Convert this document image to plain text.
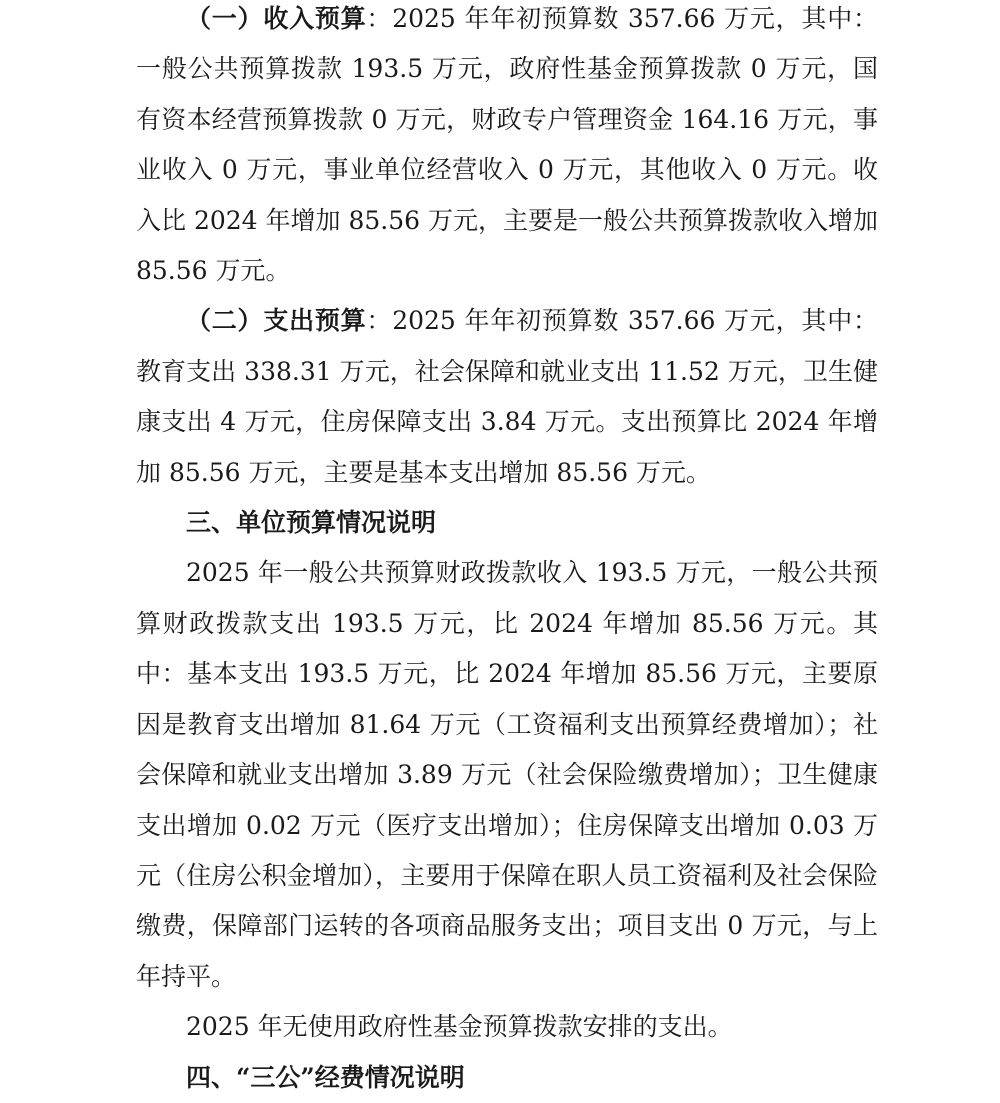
（一）收入预算：2025 年年初预算数 357.66 万元，其中：一般公共预算拨款 193.5 万元，政府性基金预算拨款 0 万元，国有资本经营预算拨款 0 万元，财政专户管理资金 164.16 万元，事业收入 0 万元，事业单位经营收入 0 万元，其他收入 0 万元。收入比 2024 年增加 85.56 万元，主要是一般公共预算拨款收入增加 85.56 万元。

（二）支出预算：2025 年年初预算数 357.66 万元，其中：教育支出 338.31 万元，社会保障和就业支出 11.52 万元，卫生健康支出 4 万元，住房保障支出 3.84 万元。支出预算比 2024 年增加 85.56 万元，主要是基本支出增加 85.56 万元。

三、单位预算情况说明

2025 年一般公共预算财政拨款收入 193.5 万元，一般公共预算财政拨款支出 193.5 万元，比 2024 年增加 85.56 万元。其中：基本支出 193.5 万元，比 2024 年增加 85.56 万元，主要原因是教育支出增加 81.64 万元（工资福利支出预算经费增加）；社会保障和就业支出增加 3.89 万元（社会保险缴费增加）；卫生健康支出增加 0.02 万元（医疗支出增加）；住房保障支出增加 0.03 万元（住房公积金增加），主要用于保障在职人员工资福利及社会保险缴费，保障部门运转的各项商品服务支出；项目支出 0 万元，与上年持平。

2025 年无使用政府性基金预算拨款安排的支出。

四、“三公”经费情况说明
